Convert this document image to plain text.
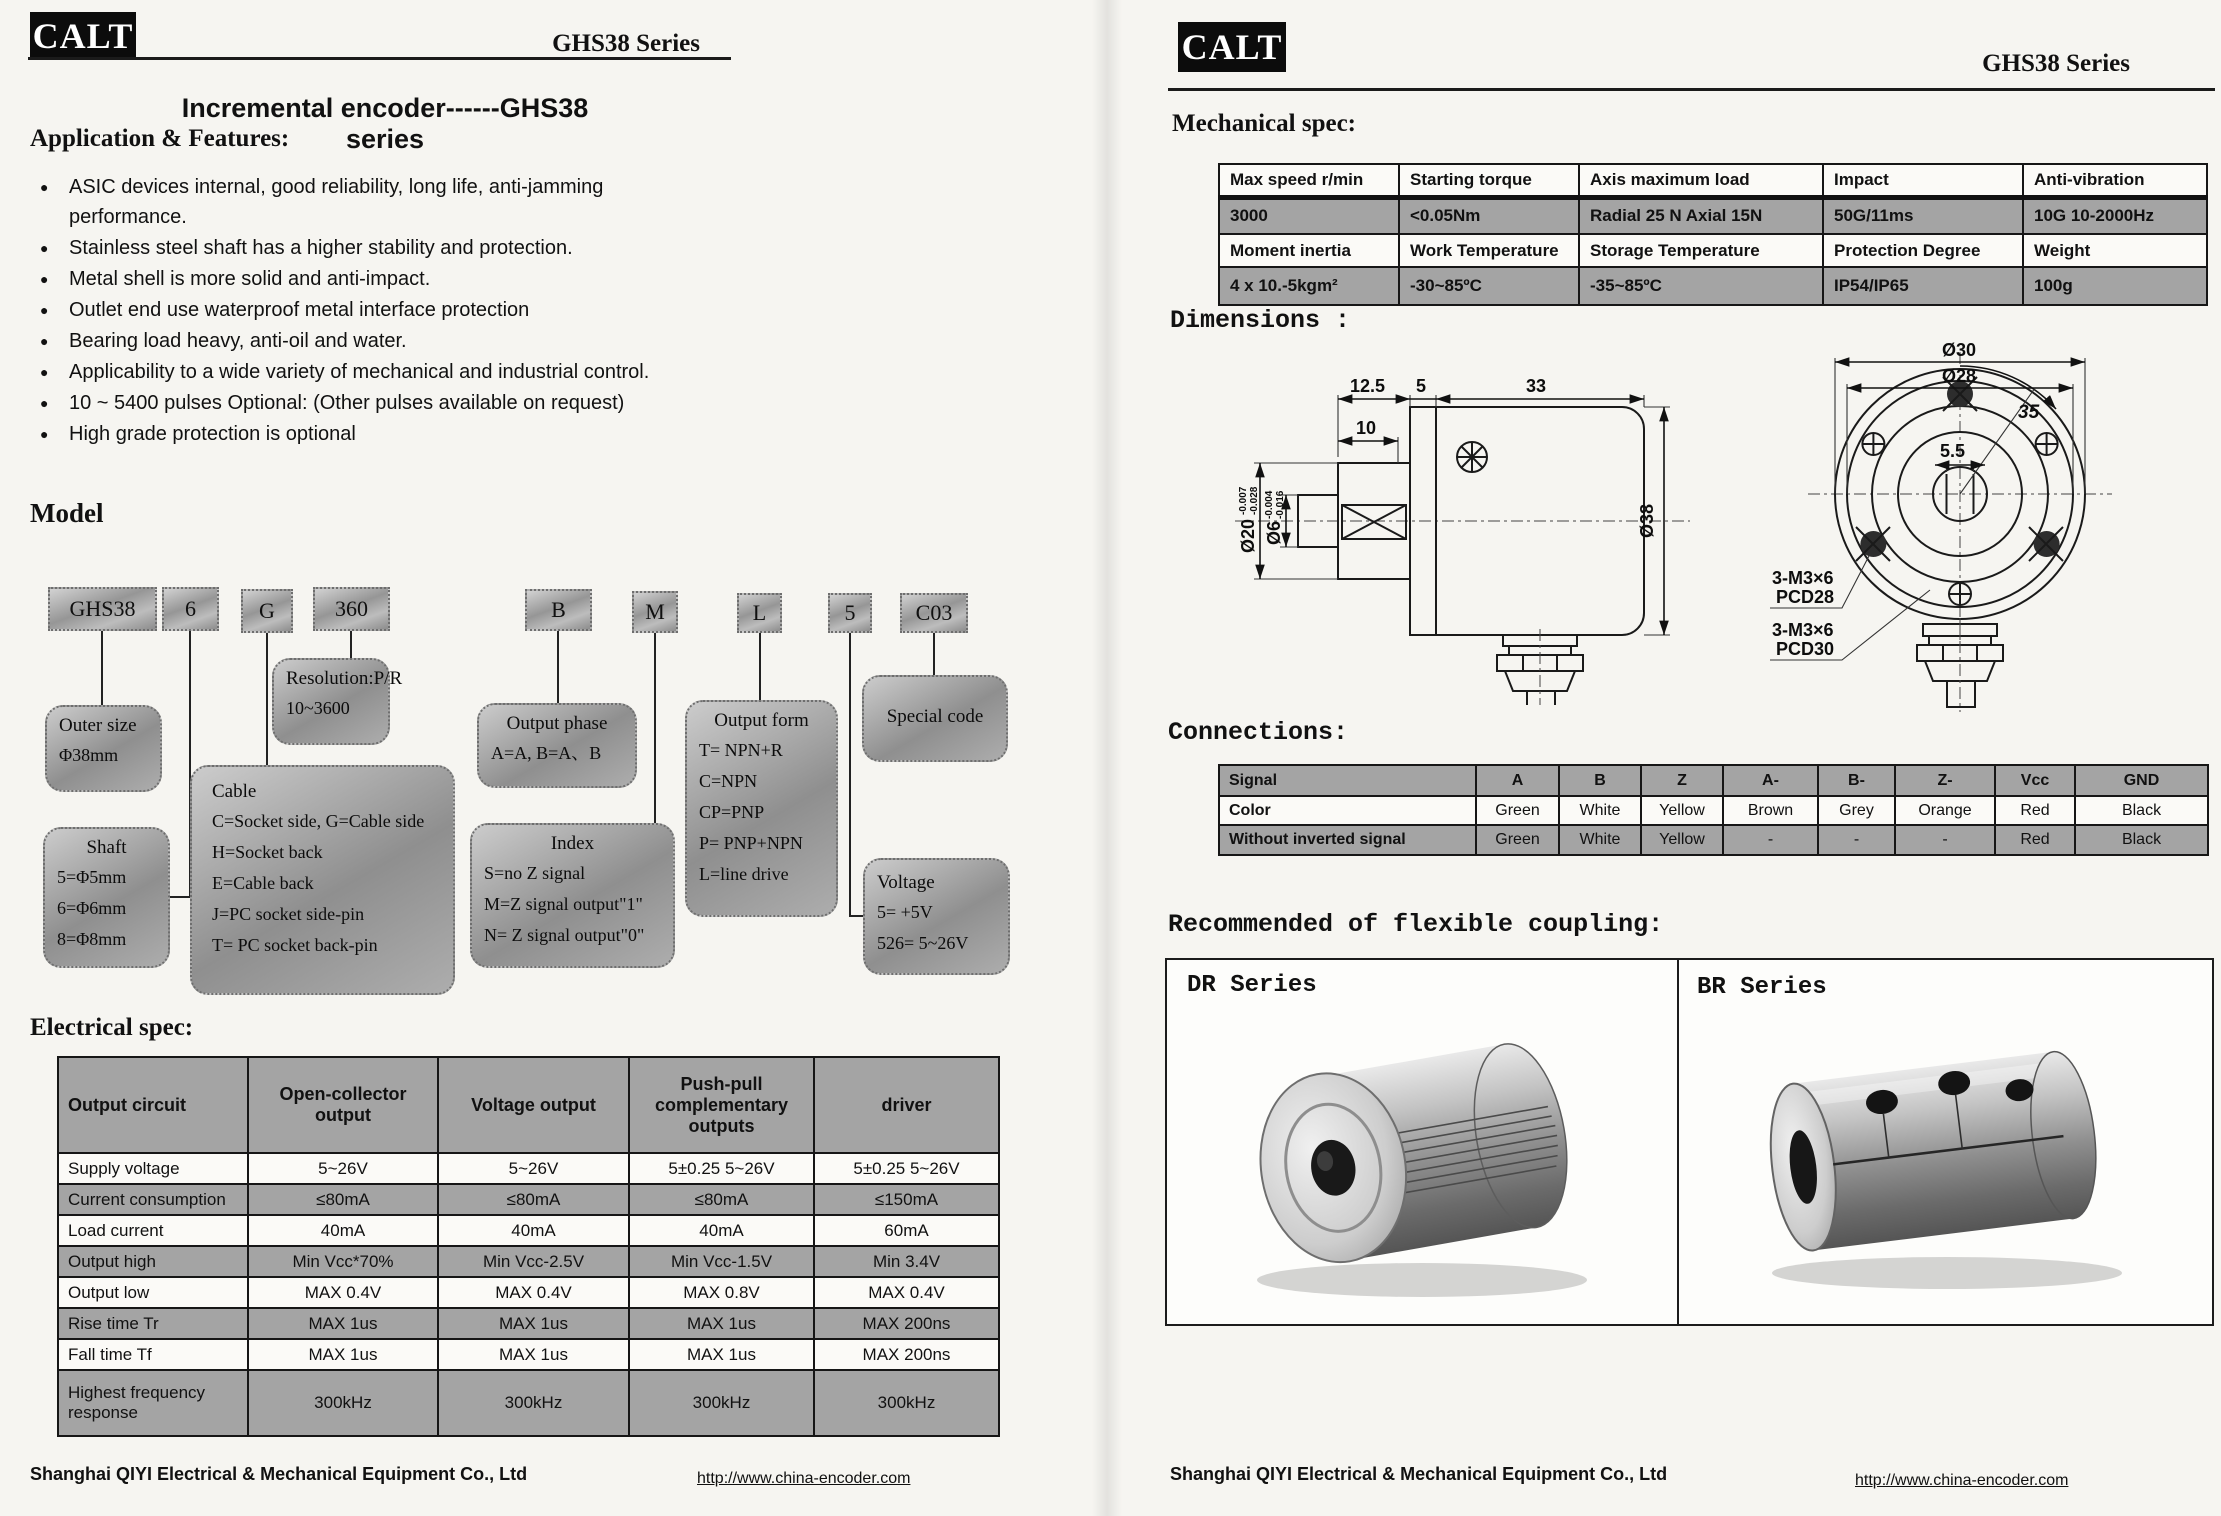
CALT	GHS38 Series
Incremental encoder------GHS38 series
Application & Features:
● ASIC devices internal, good reliability, long life, anti-jamming performance.
● Stainless steel shaft has a higher stability and protection.
● Metal shell is more solid and anti-impact.
● Outlet end use waterproof metal interface protection
● Bearing load heavy, anti-oil and water.
● Applicability to a wide variety of mechanical and industrial control.
● 10 ~ 5400 pulses Optional: (Other pulses available on request)
● High grade protection is optional
Model
GHS38	6	G	360	B	M	L	5	C03
Outer size
Φ38mm
Resolution:P/R
10~3600
Shaft
5=Φ5mm
6=Φ6mm
8=Φ8mm
Cable
C=Socket side, G=Cable side
H=Socket back
E=Cable back
J=PC socket side-pin
T= PC socket back-pin
Output phase
A=A, B=A、B
Index
S=no Z signal
M=Z signal output"1"
N= Z signal output"0"
Output form
T= NPN+R
C=NPN
CP=PNP
P= PNP+NPN
L=line drive	Voltage
5= +5V
526= 5~26V
Special code
Electrical spec:
Output circuit	Open-collector output	Voltage output	Push-pull complementary outputs	driver
Supply voltage	5~26V	5~26V	5±0.25 5~26V	5±0.25 5~26V
Current consumption	≤80mA	≤80mA	≤80mA	≤150mA
Load current	40mA	40mA	40mA	60mA
Output high	Min Vcc*70%	Min Vcc-2.5V	Min Vcc-1.5V	Min 3.4V
Output low	MAX 0.4V	MAX 0.4V	MAX 0.8V	MAX 0.4V
Rise time Tr	MAX 1us	MAX 1us	MAX 1us	MAX 200ns
Fall time Tf	MAX 1us	MAX 1us	MAX 1us	MAX 200ns
Highest frequency response	300kHz	300kHz	300kHz	300kHz
Shanghai QIYI Electrical & Mechanical Equipment Co., Ltd	http://www.china-encoder.com
CALT	GHS38 Series
Mechanical spec:
Max speed r/min	Starting torque	Axis maximum load	Impact	Anti-vibration
3000	<0.05Nm	Radial 25 N Axial 15N	50G/11ms	10G 10-2000Hz
Moment inertia	Work Temperature	Storage Temperature	Protection Degree	Weight
4 x 10.-5kgm²	-30~85ºC	-35~85ºC	IP54/IP65	100g
Dimensions :
12.5 5	33
10
Ø38
Ø20
-0.007 -0.028
Ø6
-0.004 -0.016
Ø30
Ø28
35
5.5
3-M3×6
PCD28
3-M3×6
PCD30
Connections:
Signal	A	B	Z	A-	B-	Z-	Vcc	GND
Color	Green	White	Yellow	Brown	Grey	Orange	Red	Black
Without inverted signal	Green	White	Yellow	-	-	-	Red	Black
Recommended of flexible coupling:
DR Series	BR Series
Shanghai QIYI Electrical & Mechanical Equipment Co., Ltd	http://www.china-encoder.com
